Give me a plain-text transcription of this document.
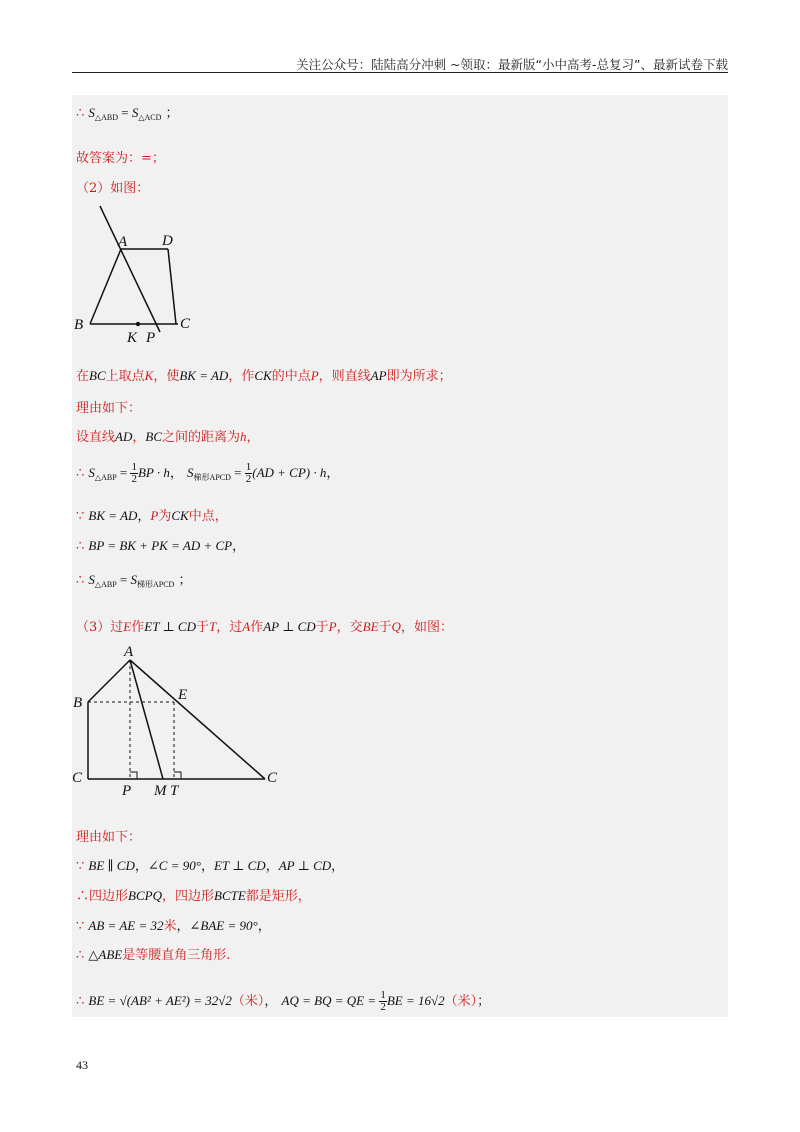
关注公众号：陆陆高分冲刺 ~领取：最新版“小中高考-总复习”、最新试卷下载
∴ $S_{\triangle ABD} = S_{\triangle ACD}$ ；
故答案为：=；
（2）如图：
A D
B	C
K P
在BC上取点K，使BK = AD，作CK的中点P，则直线AP即为所求；
理由如下：
设直线AD，BC之间的距离为h，
∴ $S_{\triangle ABP} = \frac{1}{2}$ BP · h， $S_{梯形APCD} = \frac{1}{2} (AD + CP) \cdot h$，
∵ BK = AD，P为CK中点，
∴ BP = BK + PK = AD + CP，
∴ $S_{\triangle ABP} = S_{梯形APCD}$ ；
（3）过E作ET ⊥ CD于T，过A作AP ⊥ CD于P，交BE于Q，如图：
A
B	E
C	C
P M T
理由如下：
∵ BE ∥ CD，∠C = 90°，ET ⊥ CD，AP ⊥ CD，
∴四边形BCPQ，四边形BCTE都是矩形，
∵ AB = AE = 32米，∠BAE = 90°，
∴ △ABE是等腰直角三角形.
∴ BE = √(AB² + AE²) = 32√2（米）， AQ = BQ = QE = $\frac{1}{2}$ BE = 16√2（米）；
43
